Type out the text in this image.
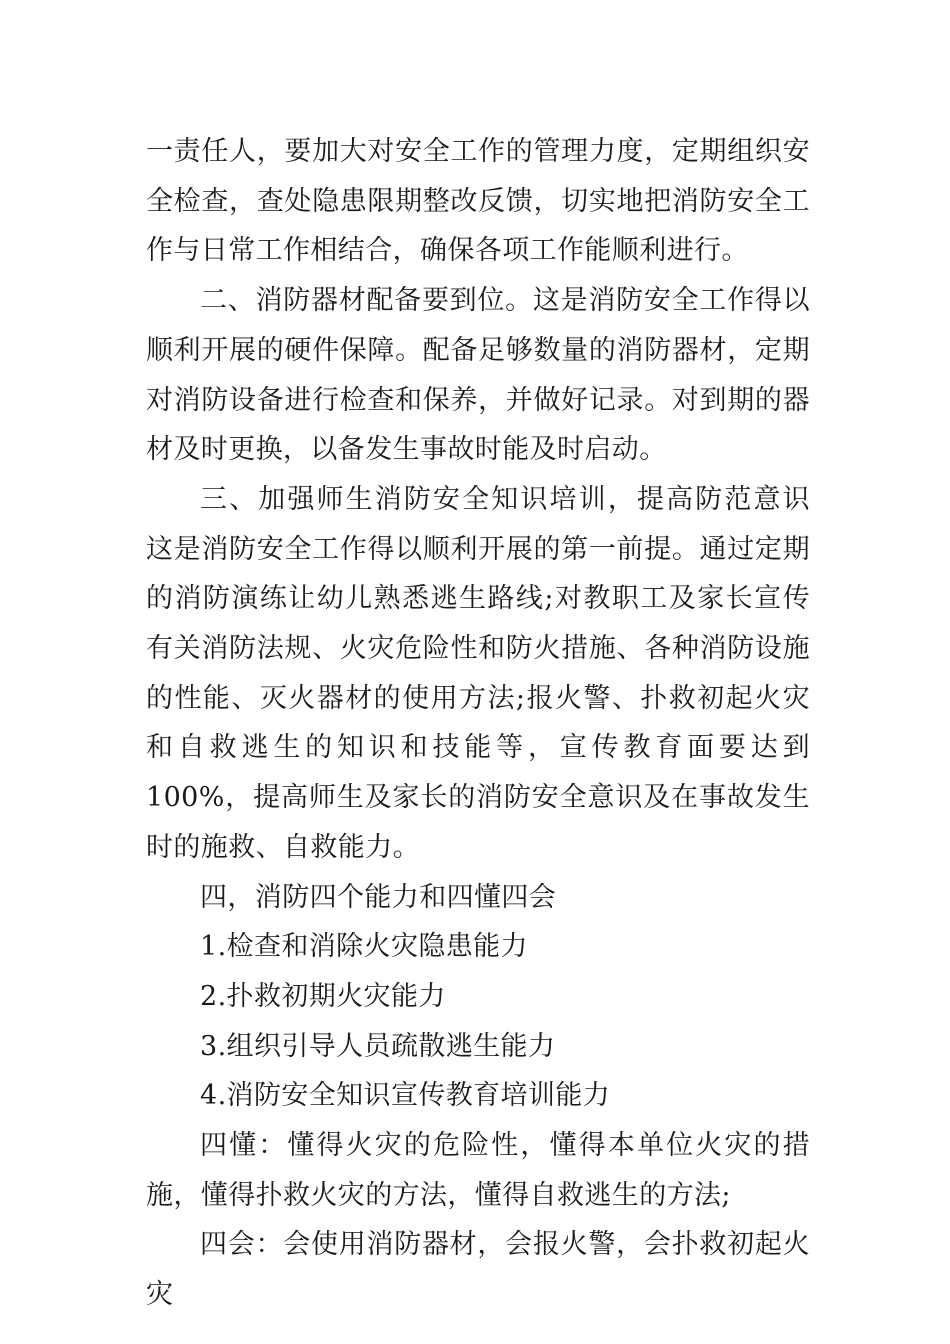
一责任人，要加大对安全工作的管理力度，定期组织安全检查，查处隐患限期整改反馈，切实地把消防安全工作与日常工作相结合，确保各项工作能顺利进行。

二、消防器材配备要到位。这是消防安全工作得以顺利开展的硬件保障。配备足够数量的消防器材，定期对消防设备进行检查和保养，并做好记录。对到期的器材及时更换，以备发生事故时能及时启动。

三、加强师生消防安全知识培训，提高防范意识 这是消防安全工作得以顺利开展的第一前提。通过定期的消防演练让幼儿熟悉逃生路线;对教职工及家长宣传有关消防法规、火灾危险性和防火措施、各种消防设施的性能、灭火器材的使用方法;报火警、扑救初起火灾和自救逃生的知识和技能等，宣传教育面要达到100%，提高师生及家长的消防安全意识及在事故发生时的施救、自救能力。

四，消防四个能力和四懂四会

1.检查和消除火灾隐患能力

2.扑救初期火灾能力

3.组织引导人员疏散逃生能力

4.消防安全知识宣传教育培训能力

四懂：懂得火灾的危险性，懂得本单位火灾的措施，懂得扑救火灾的方法，懂得自救逃生的方法;

四会：会使用消防器材，会报火警，会扑救初起火灾
